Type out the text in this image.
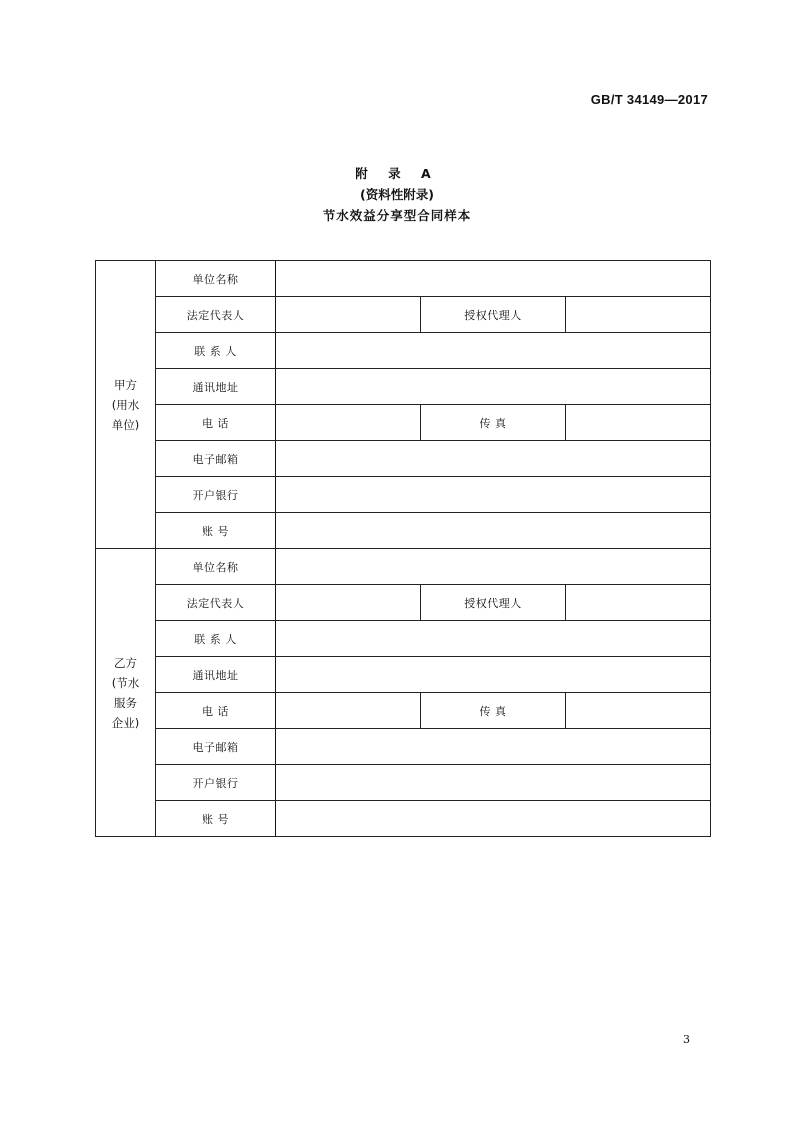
GB/T 34149—2017
附 录 A
(资料性附录)
节水效益分享型合同样本
甲方
(用水
单位)	单位名称			
	法定代表人		授权代理人	
	联 系 人			
	通讯地址			
	电 话		传 真	
	电子邮箱			
	开户银行			
	账 号			

乙方
(节水
服务
企业)	单位名称			
	法定代表人		授权代理人	
	联 系 人			
	通讯地址			
	电 话		传 真	
	电子邮箱			
	开户银行			
	账 号			
3
